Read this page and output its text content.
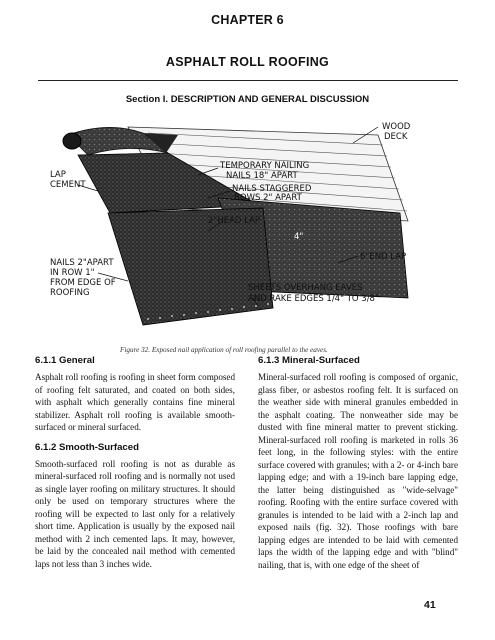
CHAPTER 6
ASPHALT ROLL ROOFING
Section I. DESCRIPTION AND GENERAL DISCUSSION
WOOD
DECK
TEMPORARY NAILING
NAILS 18" APART
NAILS STAGGERED
ROWS 2" APART
LAP
CEMENT
2"HEAD LAP
4"
6"END LAP
NAILS 2"APART
IN ROW 1"
FROM EDGE OF
ROOFING	SHEETS OVERHANG EAVES
AND RAKE EDGES 1/4" TO 3/8"
Figure 32. Exposed nail application of roll roofing parallel to the eaves.
6.1.1 General

Asphalt roll roofing is roofing in sheet form composed of roofing felt saturated, and coated on both sides, with asphalt which generally contains fine mineral stabilizer. Asphalt roll roofing is available smooth-surfaced or mineral surfaced.

6.1.2 Smooth-Surfaced

Smooth-surfaced roll roofing is not as durable as mineral-surfaced roll roofing and is normally not used as single layer roofing on military structures. It should only be used on temporary structures where the roofing will be expected to last only for a relatively short time. Application is usually by the exposed nail method with 2 inch cemented laps. It may, however, be laid by the concealed nail method with cemented laps not less than 3 inches wide.

6.1.3 Mineral-Surfaced

Mineral-surfaced roll roofing is composed of organic, glass fiber, or asbestos roofing felt. It is surfaced on the weather side with mineral granules embedded in the asphalt coating. The nonweather side may be dusted with fine mineral matter to prevent sticking. Mineral-surfaced roll roofing is marketed in rolls 36 feet long, in the following styles: with the entire surface covered with granules; with a 2- or 4-inch bare lapping edge; and with a 19-inch bare lapping edge, the latter being distinguished as "wide-selvage" roofing. Roofing with the entire surface covered with granules is intended to be laid with a 2-inch lap and exposed nails (fig. 32). Those roofings with bare lapping edges are intended to be laid with cemented laps the width of the lapping edge and with "blind" nailing, that is, with one edge of the sheet of

41
